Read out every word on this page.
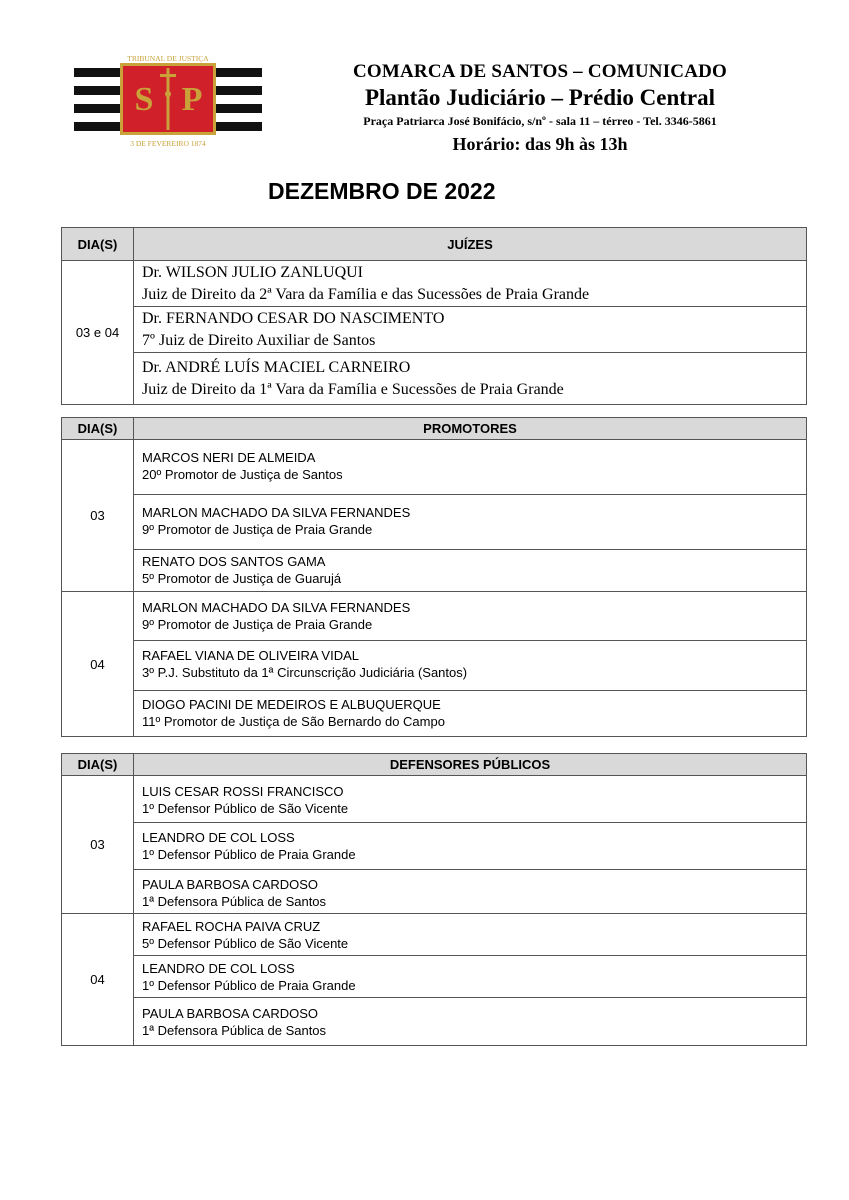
S P
TRIBUNAL DE JUSTIÇA
3 DE FEVEREIRO 1874
COMARCA DE SANTOS – COMUNICADO
Plantão Judiciário – Prédio Central
Praça Patriarca José Bonifácio, s/nº - sala 11 – térreo - Tel. 3346-5861
Horário: das 9h às 13h
DEZEMBRO DE 2022
DIA(S)	JUÍZES
03 e 04	Dr. WILSON JULIO ZANLUQUI
Juiz de Direito da 2ª Vara da Família e das Sucessões de Praia Grande

	Dr. FERNANDO CESAR DO NASCIMENTO
7º Juiz de Direito Auxiliar de Santos

	Dr. ANDRÉ LUÍS MACIEL CARNEIRO
Juiz de Direito da 1ª Vara da Família e Sucessões de Praia Grande
DIA(S)	PROMOTORES
03	MARCOS NERI DE ALMEIDA
20º Promotor de Justiça de Santos

	MARLON MACHADO DA SILVA FERNANDES
9º Promotor de Justiça de Praia Grande

	RENATO DOS SANTOS GAMA
5º Promotor de Justiça de Guarujá

04	MARLON MACHADO DA SILVA FERNANDES
9º Promotor de Justiça de Praia Grande

	RAFAEL VIANA DE OLIVEIRA VIDAL
3º P.J. Substituto da 1ª Circunscrição Judiciária (Santos)

	DIOGO PACINI DE MEDEIROS E ALBUQUERQUE
11º Promotor de Justiça de São Bernardo do Campo
DIA(S)	DEFENSORES PÚBLICOS
03	LUIS CESAR ROSSI FRANCISCO
1º Defensor Público de São Vicente

	LEANDRO DE COL LOSS
1º Defensor Público de Praia Grande

	PAULA BARBOSA CARDOSO
1ª Defensora Pública de Santos

04	RAFAEL ROCHA PAIVA CRUZ
5º Defensor Público de São Vicente

	LEANDRO DE COL LOSS
1º Defensor Público de Praia Grande

	PAULA BARBOSA CARDOSO
1ª Defensora Pública de Santos
